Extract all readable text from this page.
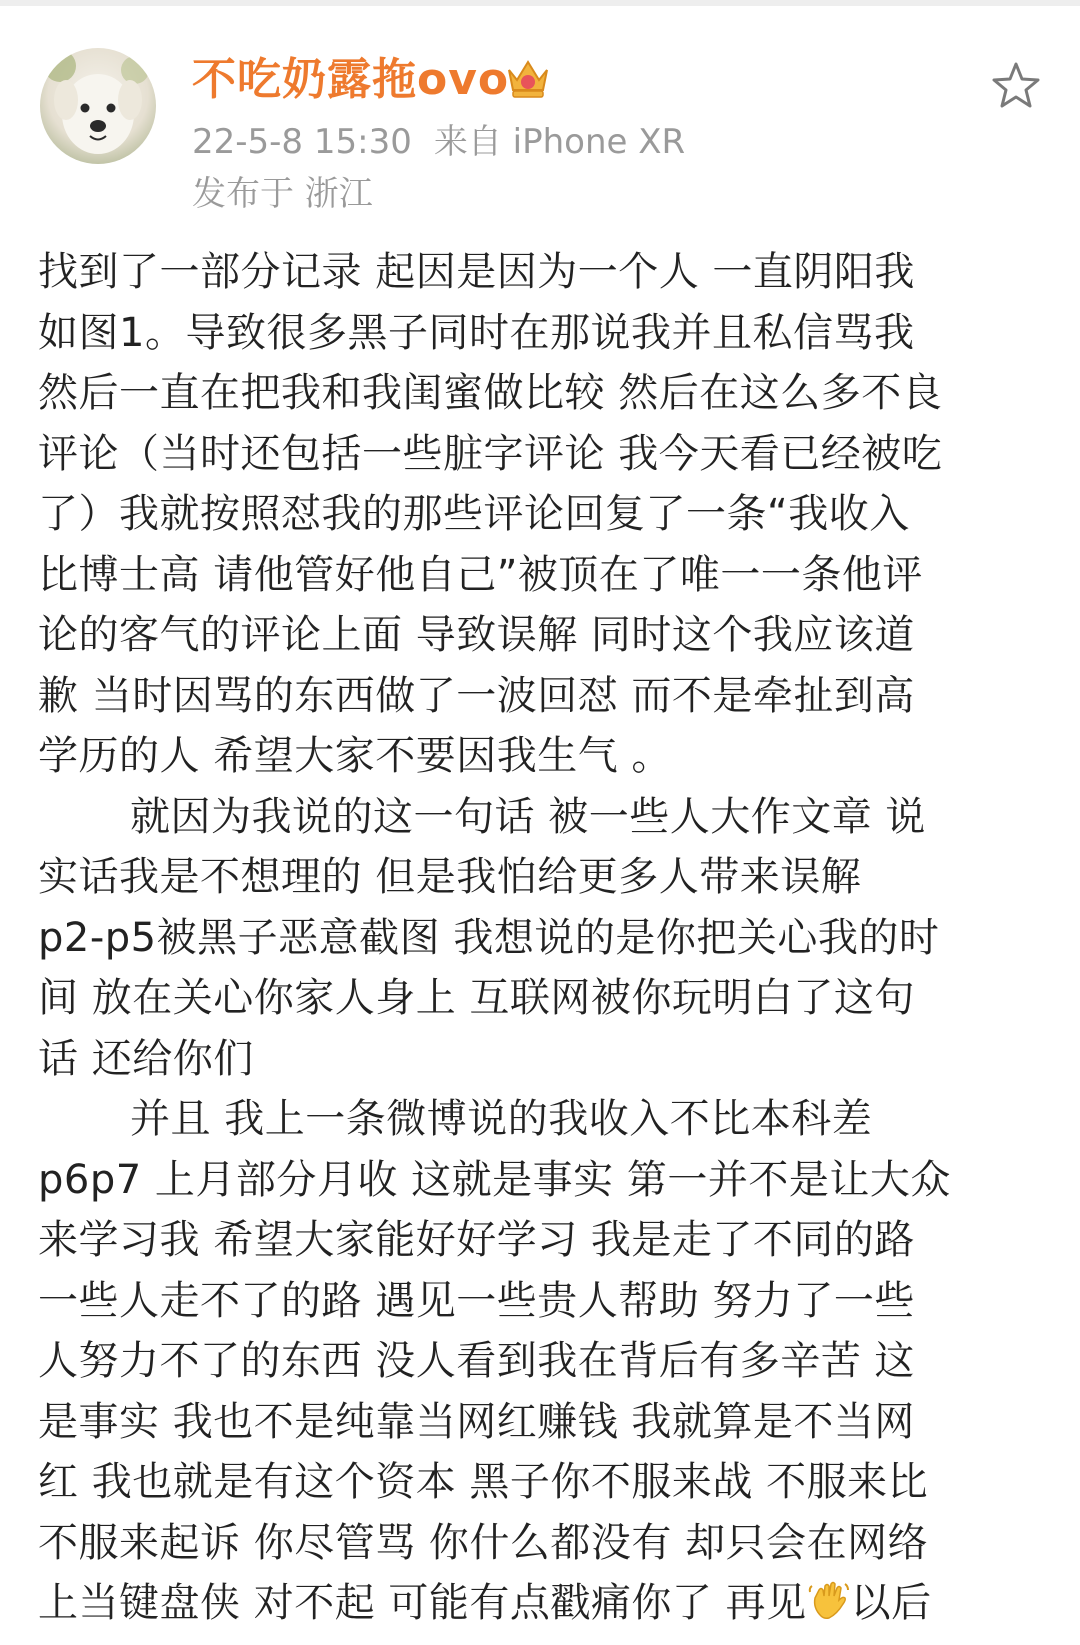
不吃奶露拖ovo
22-5-8 15:30 来自 iPhone XR
发布于 浙江
找到了一部分记录 起因是因为一个人 一直阴阳我
如图1。导致很多黑子同时在那说我并且私信骂我
然后一直在把我和我闺蜜做比较 然后在这么多不良
评论（当时还包括一些脏字评论 我今天看已经被吃
了）我就按照怼我的那些评论回复了一条“我收入
比博士高 请他管好他自己”被顶在了唯一一条他评
论的客气的评论上面 导致误解 同时这个我应该道
歉 当时因骂的东西做了一波回怼 而不是牵扯到高
学历的人 希望大家不要因我生气 。
就因为我说的这一句话 被一些人大作文章 说
实话我是不想理的 但是我怕给更多人带来误解
p2-p5被黑子恶意截图 我想说的是你把关心我的时
间 放在关心你家人身上 互联网被你玩明白了这句
话 还给你们
并且 我上一条微博说的我收入不比本科差
p6p7 上月部分月收 这就是事实 第一并不是让大众
来学习我 希望大家能好好学习 我是走了不同的路
一些人走不了的路 遇见一些贵人帮助 努力了一些
人努力不了的东西 没人看到我在背后有多辛苦 这
是事实 我也不是纯靠当网红赚钱 我就算是不当网
红 我也就是有这个资本 黑子你不服来战 不服来比
不服来起诉 你尽管骂 你什么都没有 却只会在网络
上当键盘侠 对不起 可能有点戳痛你了 再见 以后
